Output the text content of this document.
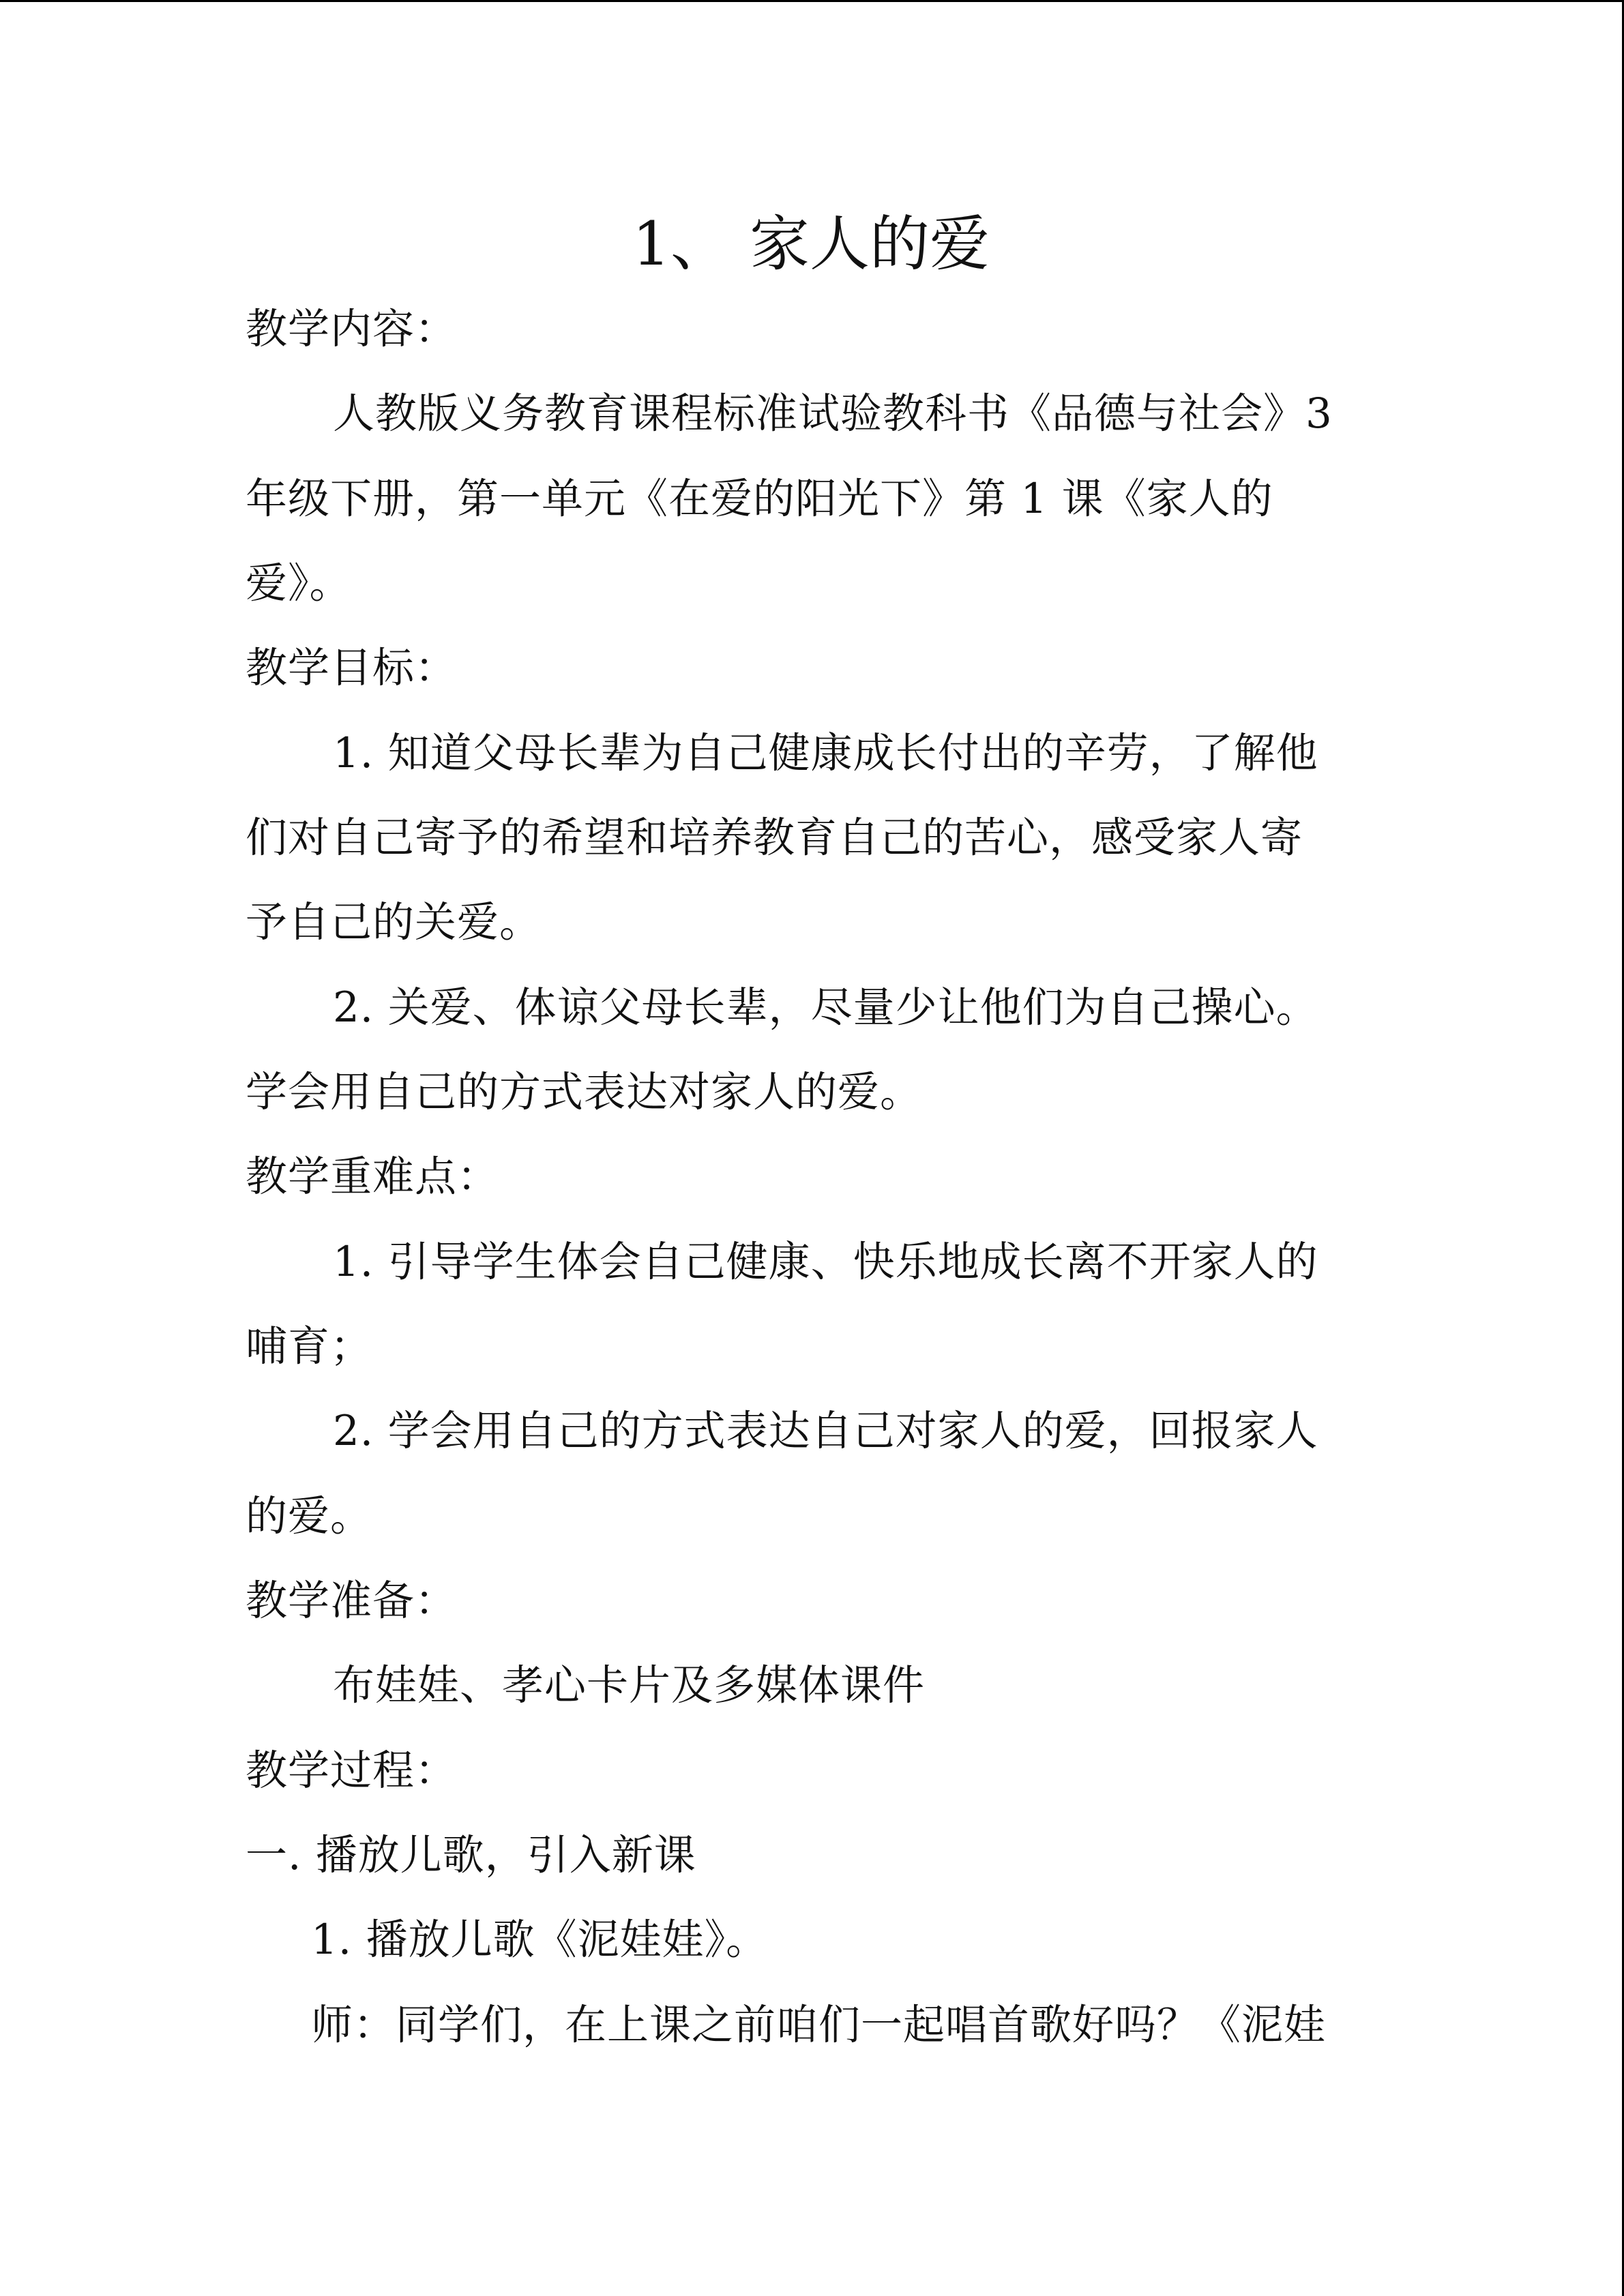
1、 家人的爱
教学内容：
人教版义务教育课程标准试验教科书《品德与社会》3
年级下册，第一单元《在爱的阳光下》第 1 课《家人的
爱》。
教学目标：
1. 知道父母长辈为自己健康成长付出的辛劳，了解他
们对自己寄予的希望和培养教育自己的苦心，感受家人寄
予自己的关爱。
2. 关爱、体谅父母长辈，尽量少让他们为自己操心。
学会用自己的方式表达对家人的爱。
教学重难点：
1. 引导学生体会自己健康、快乐地成长离不开家人的
哺育；
2. 学会用自己的方式表达自己对家人的爱，回报家人
的爱。
教学准备：
布娃娃、孝心卡片及多媒体课件
教学过程：
一. 播放儿歌，引入新课
1. 播放儿歌《泥娃娃》。
师：同学们，在上课之前咱们一起唱首歌好吗？《泥娃
